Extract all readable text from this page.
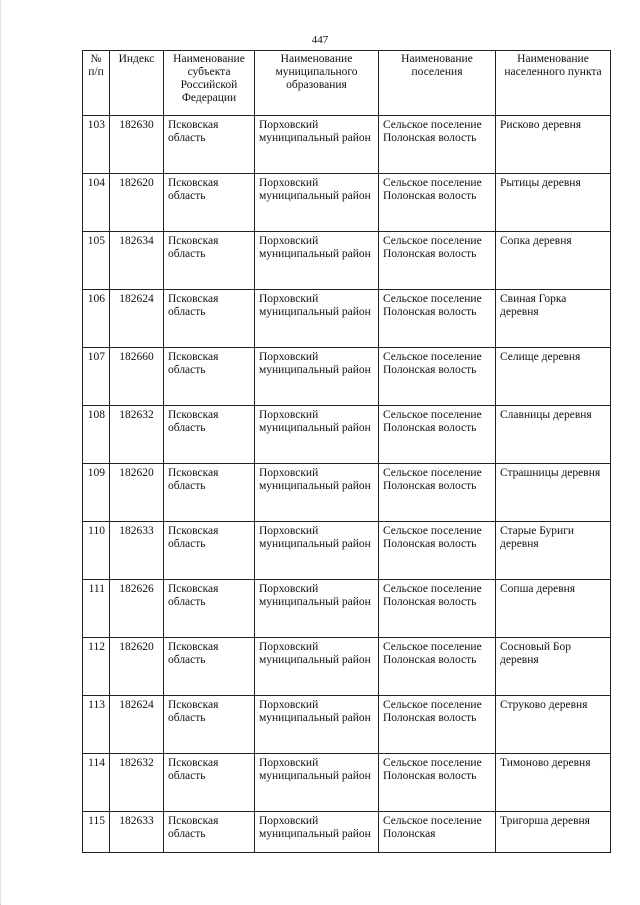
447
№ п/п	Индекс	Наименование субъекта Российской Федерации	Наименование муниципального образования	Наименование поселения	Наименование населенного пункта
103	182630	Псковская область	Порховский муниципальный район	Сельское поселение Полонская волость	Рисково деревня
104	182620	Псковская область	Порховский муниципальный район	Сельское поселение Полонская волость	Рытицы деревня
105	182634	Псковская область	Порховский муниципальный район	Сельское поселение Полонская волость	Сопка деревня
106	182624	Псковская область	Порховский муниципальный район	Сельское поселение Полонская волость	Свиная Горка деревня
107	182660	Псковская область	Порховский муниципальный район	Сельское поселение Полонская волость	Селище деревня
108	182632	Псковская область	Порховский муниципальный район	Сельское поселение Полонская волость	Славницы деревня
109	182620	Псковская область	Порховский муниципальный район	Сельское поселение Полонская волость	Страшницы деревня
110	182633	Псковская область	Порховский муниципальный район	Сельское поселение Полонская волость	Старые Буриги деревня
111	182626	Псковская область	Порховский муниципальный район	Сельское поселение Полонская волость	Сопша деревня
112	182620	Псковская область	Порховский муниципальный район	Сельское поселение Полонская волость	Сосновый Бор деревня
113	182624	Псковская область	Порховский муниципальный район	Сельское поселение Полонская волость	Струково деревня
114	182632	Псковская область	Порховский муниципальный район	Сельское поселение Полонская волость	Тимоново деревня

115	182633	Псковская область	Порховский муниципальный район	Сельское поселение Полонская	Тригорша деревня
